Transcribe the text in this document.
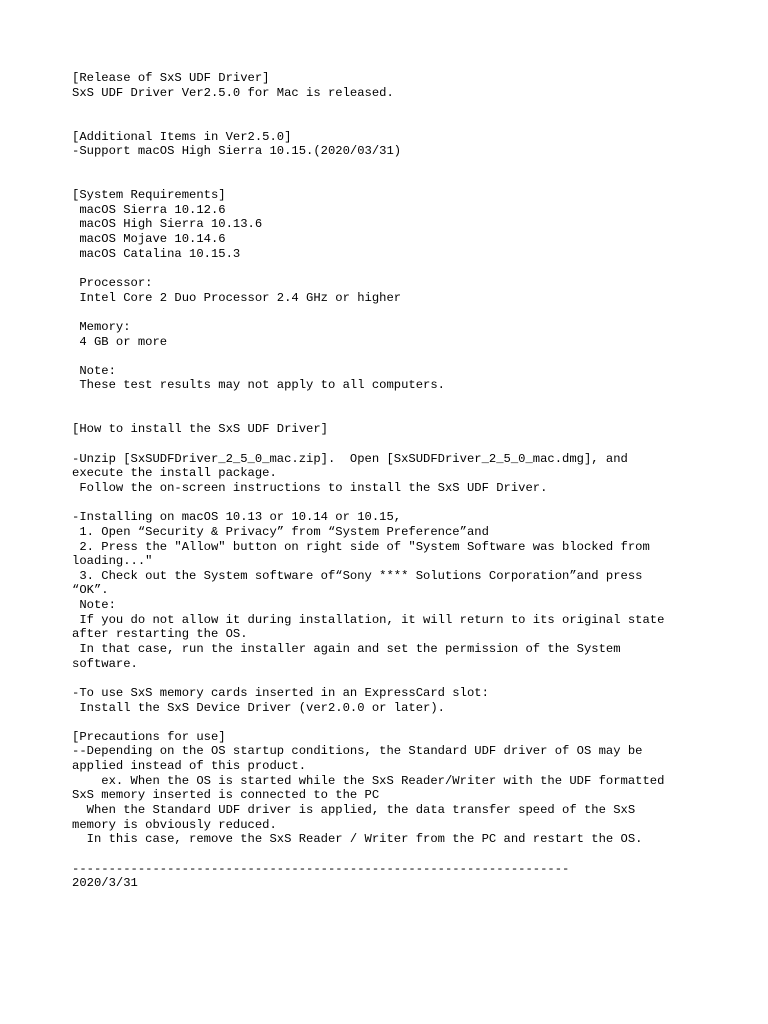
[Release of SxS UDF Driver]
SxS UDF Driver Ver2.5.0 for Mac is released.

[Additional Items in Ver2.5.0]
-Support macOS High Sierra 10.15.(2020/03/31)

[System Requirements]
macOS Sierra 10.12.6
macOS High Sierra 10.13.6
macOS Mojave 10.14.6
macOS Catalina 10.15.3

Processor:
Intel Core 2 Duo Processor 2.4 GHz or higher

Memory:
4 GB or more

Note:
These test results may not apply to all computers.

[How to install the SxS UDF Driver]

-Unzip [SxSUDFDriver_2_5_0_mac.zip].  Open [SxSUDFDriver_2_5_0_mac.dmg], and
execute the install package.
Follow the on-screen instructions to install the SxS UDF Driver.

-Installing on macOS 10.13 or 10.14 or 10.15,
1. Open “Security & Privacy” from “System Preference”and
2. Press the "Allow" button on right side of "System Software was blocked from
loading..."
3. Check out the System software of“Sony **** Solutions Corporation”and press
“OK”.
Note:
If you do not allow it during installation, it will return to its original state
after restarting the OS.
In that case, run the installer again and set the permission of the System
software.

-To use SxS memory cards inserted in an ExpressCard slot:
Install the SxS Device Driver (ver2.0.0 or later).

[Precautions for use]
--Depending on the OS startup conditions, the Standard UDF driver of OS may be
applied instead of this product.
ex. When the OS is started while the SxS Reader/Writer with the UDF formatted
SxS memory inserted is connected to the PC
When the Standard UDF driver is applied, the data transfer speed of the SxS
memory is obviously reduced.
In this case, remove the SxS Reader / Writer from the PC and restart the OS.

--------------------------------------------------------------------
2020/3/31
